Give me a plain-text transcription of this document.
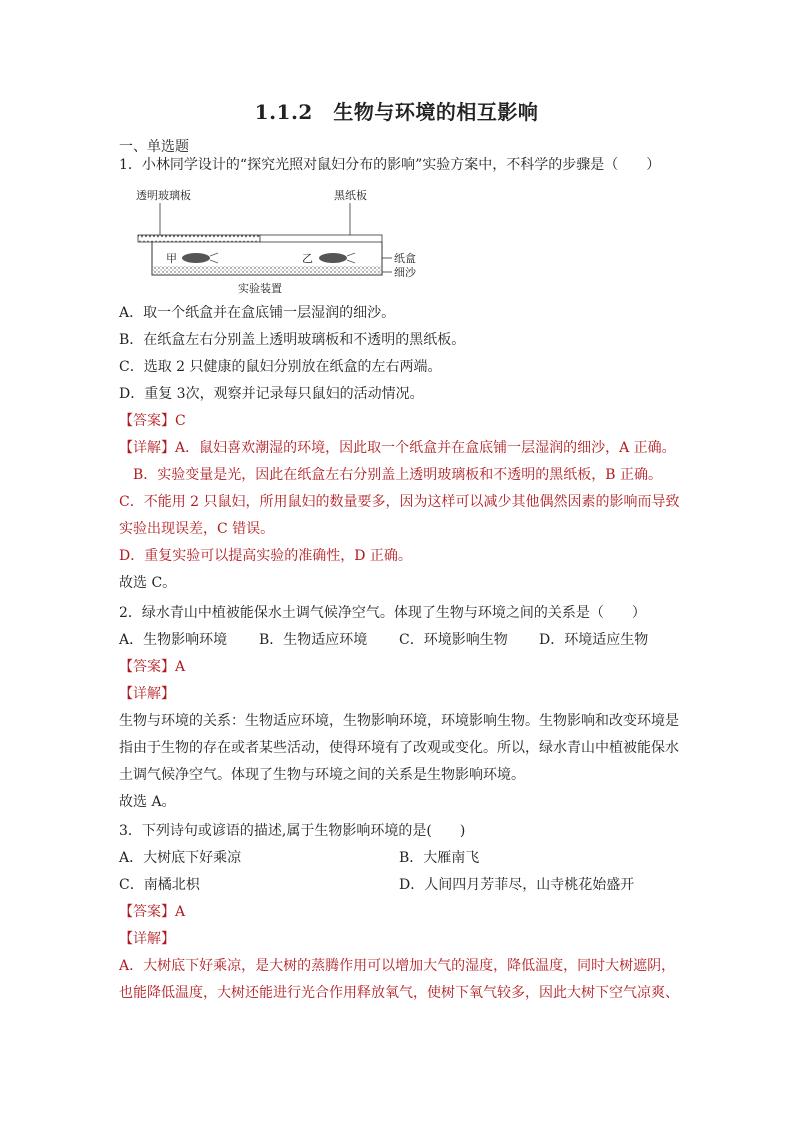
1.1.2　生物与环境的相互影响
一、单选题
1．小林同学设计的“探究光照对鼠妇分布的影响”实验方案中，不科学的步骤是（　　）
透明玻璃板	黑纸板
甲	乙	纸盒
细沙
实验装置
A．取一个纸盒并在盒底铺一层湿润的细沙。
B．在纸盒左右分别盖上透明玻璃板和不透明的黑纸板。
C．选取 2 只健康的鼠妇分别放在纸盒的左右两端。
D．重复 3次，观察并记录每只鼠妇的活动情况。
【答案】C
【详解】A．鼠妇喜欢潮湿的环境，因此取一个纸盒并在盒底铺一层湿润的细沙，A 正确。
　B．实验变量是光，因此在纸盒左右分别盖上透明玻璃板和不透明的黑纸板，B 正确。
C．不能用 2 只鼠妇，所用鼠妇的数量要多，因为这样可以减少其他偶然因素的影响而导致
实验出现误差，C 错误。
D．重复实验可以提高实验的准确性，D 正确。
故选 C。
2．绿水青山中植被能保水土调气候净空气。体现了生物与环境之间的关系是（　　）
A．生物影响环境 B．生物适应环境 C．环境影响生物 D．环境适应生物
【答案】A
【详解】
生物与环境的关系：生物适应环境，生物影响环境，环境影响生物。生物影响和改变环境是
指由于生物的存在或者某些活动，使得环境有了改观或变化。所以，绿水青山中植被能保水
土调气候净空气。体现了生物与环境之间的关系是生物影响环境。
故选 A。
3．下列诗句或谚语的描述,属于生物影响环境的是(　　)
A．大树底下好乘凉	B．大雁南飞
C．南橘北枳	D．人间四月芳菲尽，山寺桃花始盛开
【答案】A
【详解】
A．大树底下好乘凉，是大树的蒸腾作用可以增加大气的湿度，降低温度，同时大树遮阴，
也能降低温度，大树还能进行光合作用释放氧气，使树下氧气较多，因此大树下空气凉爽、
